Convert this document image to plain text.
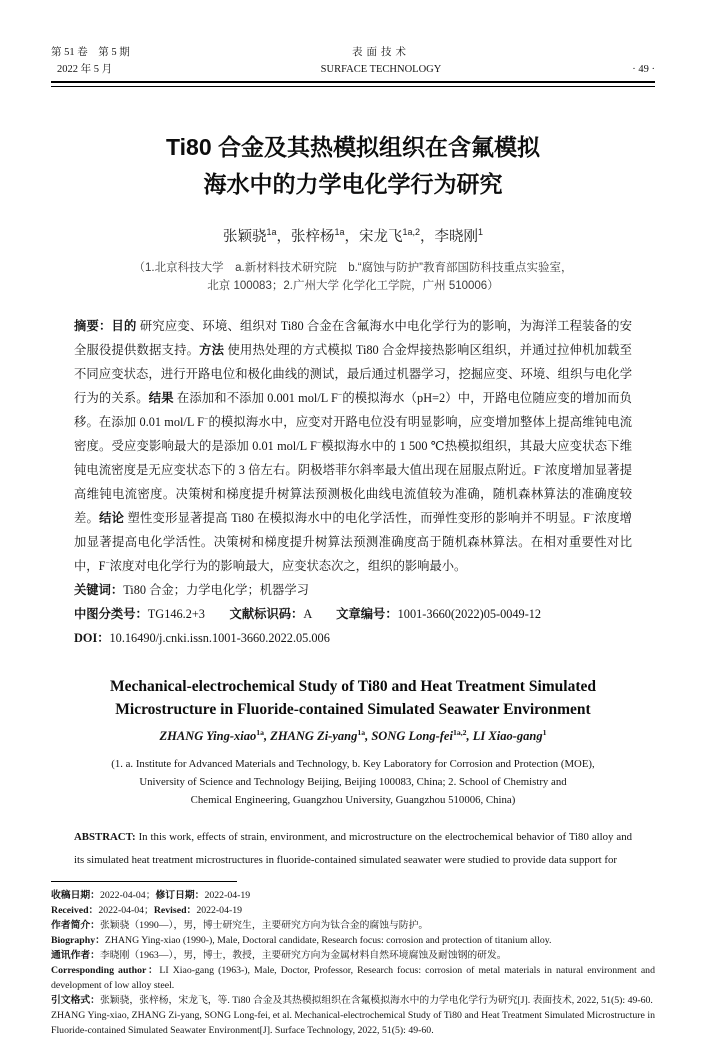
第 51 卷　第 5 期
2022 年 5 月
表面技术
SURFACE TECHNOLOGY	· 49 ·
Ti80 合金及其热模拟组织在含氟模拟
海水中的力学电化学行为研究
张颖骁$^{1a}$，张梓杨$^{1a}$，宋龙飞$^{1a,2}$，李晓刚$^1$
（1.北京科技大学　a.新材料技术研究院　b.“腐蚀与防护”教育部国防科技重点实验室，
北京 100083；2.广州大学 化学化工学院，广州 510006）
摘要：目的 研究应变、环境、组织对 Ti80 合金在含氟海水中电化学行为的影响，为海洋工程装备的安全服役提供数据支持。方法 使用热处理的方式模拟 Ti80 合金焊接热影响区组织，并通过拉伸机加载至不同应变状态，进行开路电位和极化曲线的测试，最后通过机器学习，挖掘应变、环境、组织与电化学行为的关系。结果 在添加和不添加 0.001 mol/L F−的模拟海水（pH=2）中，开路电位随应变的增加而负移。在添加 0.01 mol/L F−的模拟海水中，应变对开路电位没有明显影响，应变增加整体上提高维钝电流密度。受应变影响最大的是添加 0.01 mol/L F−模拟海水中的 1 500 ℃热模拟组织，其最大应变状态下维钝电流密度是无应变状态下的 3 倍左右。阴极塔菲尔斜率最大值出现在屈服点附近。F−浓度增加显著提高维钝电流密度。决策树和梯度提升树算法预测极化曲线电流值较为准确，随机森林算法的准确度较差。结论 塑性变形显著提高 Ti80 在模拟海水中的电化学活性，而弹性变形的影响并不明显。F−浓度增加显著提高电化学活性。决策树和梯度提升树算法预测准确度高于随机森林算法。在相对重要性对比中，F−浓度对电化学行为的影响最大，应变状态次之，组织的影响最小。
关键词：Ti80 合金；力学电化学；机器学习
中图分类号：TG146.2+3　　文献标识码：A　　文章编号：1001-3660(2022)05-0049-12
DOI：10.16490/j.cnki.issn.1001-3660.2022.05.006
Mechanical-electrochemical Study of Ti80 and Heat Treatment Simulated
Microstructure in Fluoride-contained Simulated Seawater Environment
ZHANG Ying-xiao$^{1a}$, ZHANG Zi-yang$^{1a}$, SONG Long-fei$^{1a,2}$, LI Xiao-gang$^1$
(1. a. Institute for Advanced Materials and Technology, b. Key Laboratory for Corrosion and Protection (MOE),
University of Science and Technology Beijing, Beijing 100083, China; 2. School of Chemistry and
Chemical Engineering, Guangzhou University, Guangzhou 510006, China)
ABSTRACT: In this work, effects of strain, environment, and microstructure on the electrochemical behavior of Ti80 alloy and its simulated heat treatment microstructures in fluoride-contained simulated seawater were studied to provide data support for
收稿日期：2022-04-04；修订日期：2022-04-19
Received：2022-04-04；Revised：2022-04-19
作者简介：张颖骁（1990—），男，博士研究生，主要研究方向为钛合金的腐蚀与防护。
Biography：ZHANG Ying-xiao (1990-), Male, Doctoral candidate, Research focus: corrosion and protection of titanium alloy.
通讯作者：李晓刚（1963—），男，博士，教授，主要研究方向为金属材料自然环境腐蚀及耐蚀钢的研发。
Corresponding author：LI Xiao-gang (1963-), Male, Doctor, Professor, Research focus: corrosion of metal materials in natural environment and development of low alloy steel.
引文格式：张颖骁，张梓杨，宋龙飞，等. Ti80 合金及其热模拟组织在含氟模拟海水中的力学电化学行为研究[J]. 表面技术, 2022, 51(5): 49-60.
ZHANG Ying-xiao, ZHANG Zi-yang, SONG Long-fei, et al. Mechanical-electrochemical Study of Ti80 and Heat Treatment Simulated Microstructure in Fluoride-contained Simulated Seawater Environment[J]. Surface Technology, 2022, 51(5): 49-60.
